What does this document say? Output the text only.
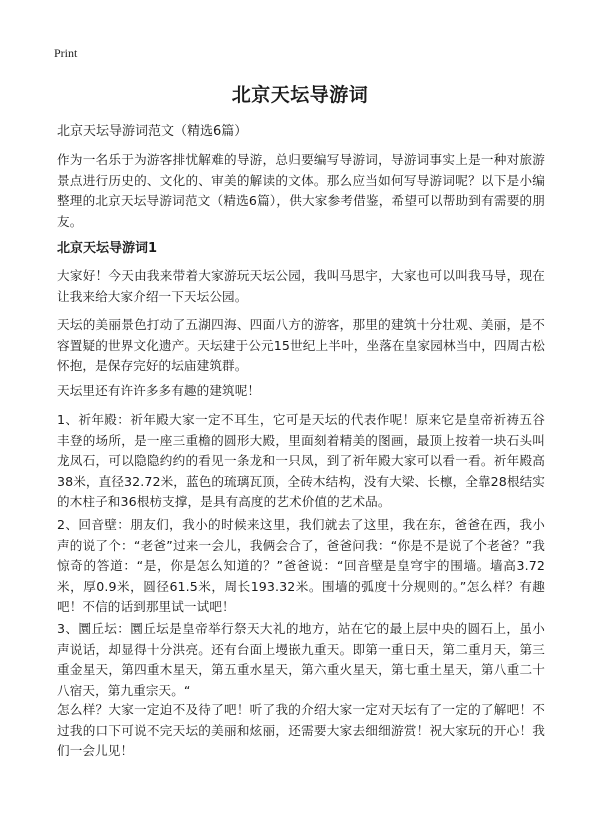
Print
北京天坛导游词
北京天坛导游词范文（精选6篇）
作为一名乐于为游客排忧解难的导游，总归要编写导游词，导游词事实上是一种对旅游景点进行历史的、文化的、审美的解读的文体。那么应当如何写导游词呢？以下是小编整理的北京天坛导游词范文（精选6篇），供大家参考借鉴，希望可以帮助到有需要的朋友。
北京天坛导游词1
大家好！今天由我来带着大家游玩天坛公园，我叫马思宇，大家也可以叫我马导，现在让我来给大家介绍一下天坛公园。
天坛的美丽景色打动了五湖四海、四面八方的游客，那里的建筑十分壮观、美丽，是不容置疑的世界文化遗产。天坛建于公元15世纪上半叶，坐落在皇家园林当中，四周古松怀抱，是保存完好的坛庙建筑群。
天坛里还有许许多多有趣的建筑呢！
1、祈年殿：祈年殿大家一定不耳生，它可是天坛的代表作呢！原来它是皇帝祈祷五谷丰登的场所，是一座三重檐的圆形大殿，里面刻着精美的图画，最顶上按着一块石头叫龙凤石，可以隐隐约约的看见一条龙和一只凤，到了祈年殿大家可以看一看。祈年殿高38米，直径32.72米，蓝色的琉璃瓦顶，全砖木结构，没有大梁、长檩，全靠28根结实的木柱子和36根枋支撑，是具有高度的艺术价值的艺术品。
2、回音壁：朋友们，我小的时候来这里，我们就去了这里，我在东，爸爸在西，我小声的说了个：“老爸”过来一会儿，我俩会合了，爸爸问我：“你是不是说了个老爸？”我惊奇的答道：“是，你是怎么知道的？”爸爸说：“回音壁是皇穹宇的围墙。墙高3.72米，厚0.9米，圆径61.5米，周长193.32米。围墙的弧度十分规则的。”怎么样？有趣吧！不信的话到那里试一试吧！
3、圜丘坛：圜丘坛是皇帝举行祭天大礼的地方，站在它的最上层中央的圆石上，虽小声说话，却显得十分洪亮。还有台面上墁嵌九重天。即第一重日天，第二重月天，第三重金星天，第四重木星天，第五重水星天，第六重火星天，第七重土星天，第八重二十八宿天，第九重宗天。“
怎么样？大家一定迫不及待了吧！听了我的介绍大家一定对天坛有了一定的了解吧！不过我的口下可说不完天坛的美丽和炫丽，还需要大家去细细游赏！祝大家玩的开心！我们一会儿见！
